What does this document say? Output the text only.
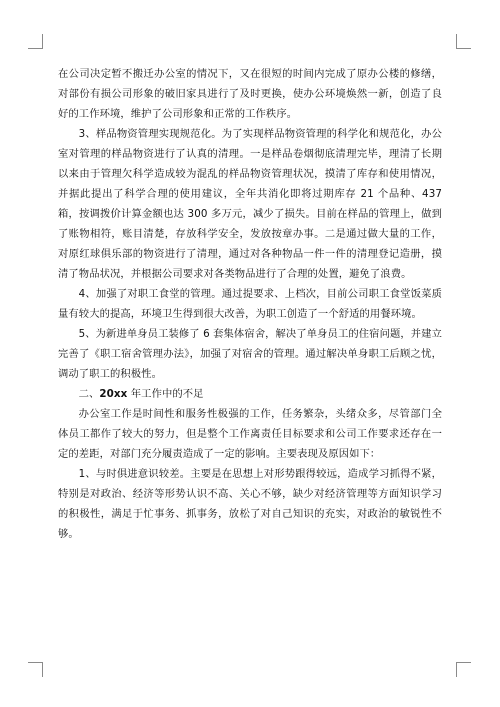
在公司决定暂不搬迁办公室的情况下，又在很短的时间内完成了原办公楼的修缮，对部份有损公司形象的破旧家具进行了及时更换，使办公环境焕然一新，创造了良好的工作环境，维护了公司形象和正常的工作秩序。

3、样品物资管理实现规范化。为了实现样品物资管理的科学化和规范化，办公室对管理的样品物资进行了认真的清理。一是样品卷烟彻底清理完毕，理清了长期以来由于管理欠科学造成较为混乱的样品物资管理状况，摸清了库存和使用情况，并据此提出了科学合理的使用建议，全年共消化即将过期库存 21 个品种、437 箱，按调拨价计算金额也达 300 多万元，减少了损失。目前在样品的管理上，做到了账物相符，账目清楚，存放科学安全，发放按章办事。二是通过做大量的工作，对原红球俱乐部的物资进行了清理，通过对各种物品一件一件的清理登记造册，摸清了物品状况，并根据公司要求对各类物品进行了合理的处置，避免了浪费。

4、加强了对职工食堂的管理。通过提要求、上档次，目前公司职工食堂饭菜质量有较大的提高，环境卫生得到很大改善，为职工创造了一个舒适的用餐环境。

5、为新进单身员工装修了 6 套集体宿舍，解决了单身员工的住宿问题，并建立完善了《职工宿舍管理办法》，加强了对宿舍的管理。通过解决单身职工后顾之忧，调动了职工的积极性。

二、20xx 年工作中的不足

办公室工作是时间性和服务性极强的工作，任务繁杂，头绪众多，尽管部门全体员工都作了较大的努力，但是整个工作离责任目标要求和公司工作要求还存在一定的差距，对部门充分履责造成了一定的影响。主要表现及原因如下：

1、与时俱进意识较差。主要是在思想上对形势跟得较远，造成学习抓得不紧，特别是对政治、经济等形势认识不高、关心不够，缺少对经济管理等方面知识学习的积极性，满足于忙事务、抓事务，放松了对自己知识的充实，对政治的敏锐性不够。
